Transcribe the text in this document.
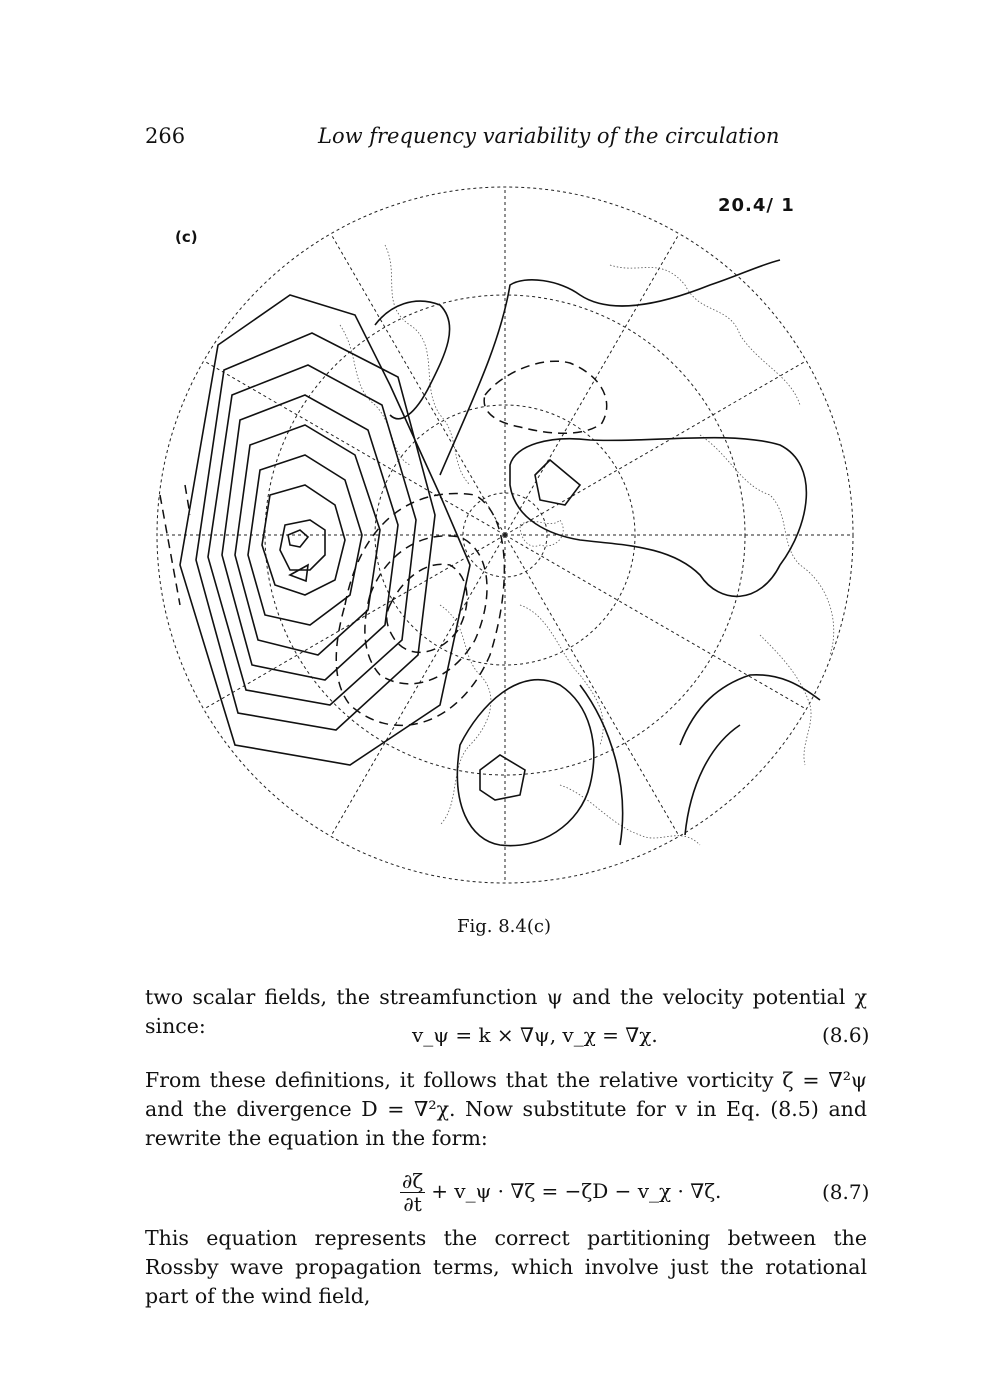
266	Low frequency variability of the circulation
(c)
20.4/ 1
Fig. 8.4(c)
two scalar fields, the streamfunction ψ and the velocity potential χ since:	v_ψ = k × ∇ψ, v_χ = ∇χ.	(8.6)
From these definitions, it follows that the relative vorticity ζ = ∇²ψ and the divergence D = ∇²χ. Now substitute for v in Eq. (8.5) and rewrite the equation in the form:
$\frac{\partial\zeta}{\partial t}$ + v_ψ · ∇ζ = −ζD − v_χ · ∇ζ.	(8.7)
This equation represents the correct partitioning between the Rossby wave propagation terms, which involve just the rotational part of the wind field,
